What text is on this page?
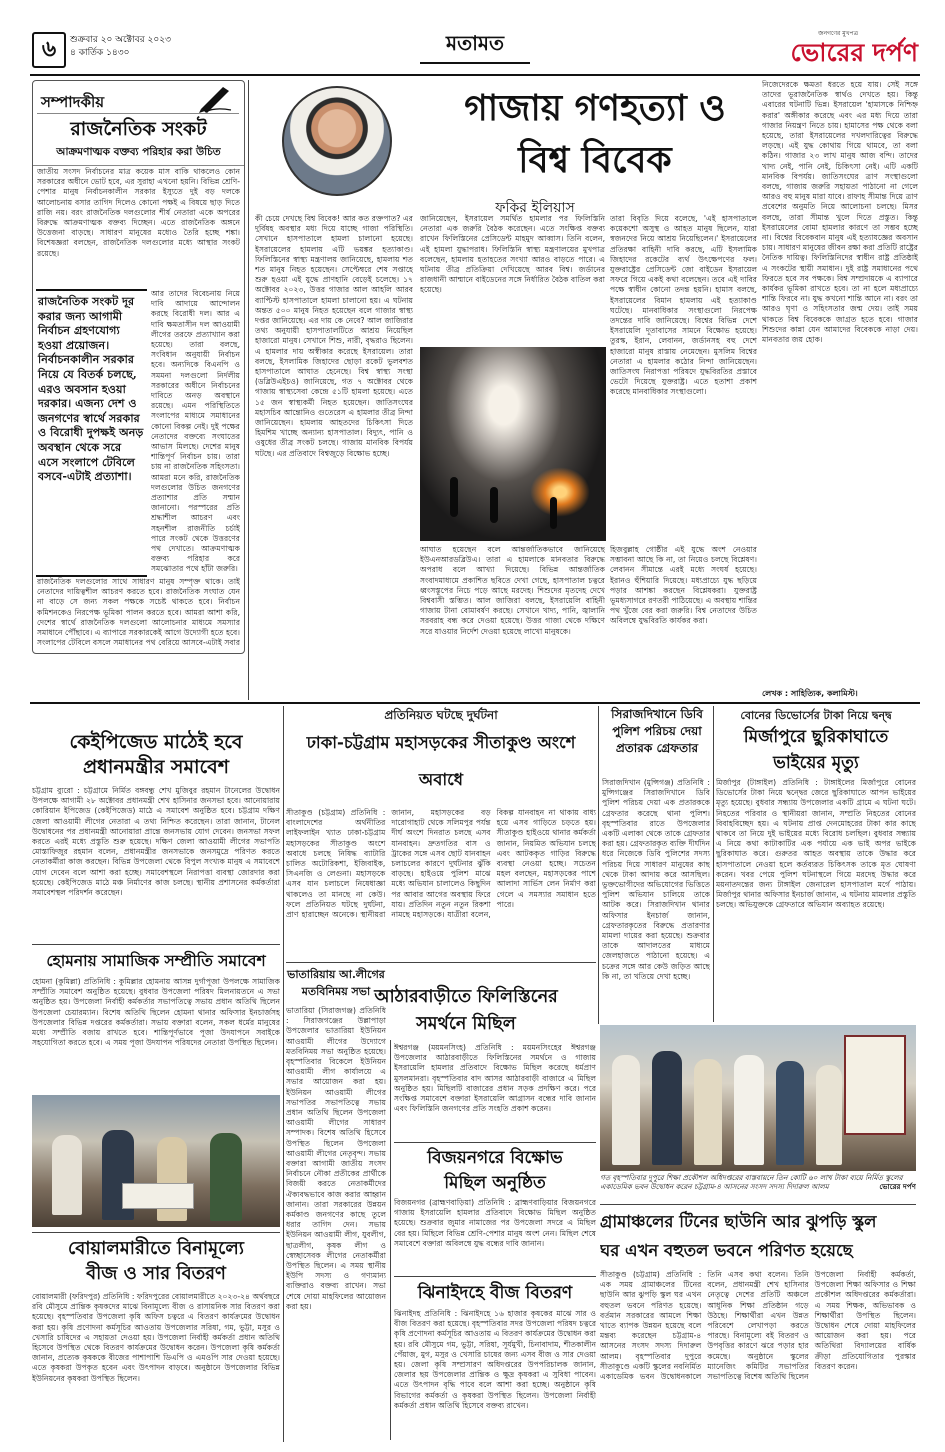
৬ শুক্রবার ২০ অক্টোবর ২০২৩
৪ কার্তিক ১৪৩০	মতামত	জনগণের মুখপত্র
ভোরের দর্পণ
সম্পাদকীয়
রাজনৈতিক সংকট
আক্রমণাত্মক বক্তব্য পরিহার করা উচিত
জাতীয় সংসদ নির্বাচনের মাত্র কয়েক মাস বাকি থাকলেও কোন সরকারের অধীনে ভোট হবে, এর সুরাহা এখনো হয়নি। বিভিন্ন শ্রেণি-পেশার মানুষ নির্বাচনকালীন সরকার ইস্যুতে দুই বড় দলকে আলোচনায় বসার তাগিদ দিলেও কোনো পক্ষই এ বিষয়ে ছাড় দিতে রাজি নয়। বরং রাজনৈতিক দলগুলোর শীর্ষ নেতারা একে অপরের বিরুদ্ধে আক্রমণাত্মক বক্তব্য দিচ্ছেন। এতে রাজনৈতিক অঙ্গনে উত্তেজনা বাড়ছে। সাধারণ মানুষের মধ্যেও তৈরি হচ্ছে শঙ্কা। বিশেষজ্ঞরা বলছেন, রাজনৈতিক দলগুলোর মধ্যে আস্থার সংকট রয়েছে।
রাজনৈতিক সংকট দূর করার জন্য আগামী নির্বাচন গ্রহণযোগ্য হওয়া প্রয়োজন। নির্বাচনকালীন সরকার নিয়ে যে বিতর্ক চলছে, এরও অবসান হওয়া দরকার। এজন্য দেশ ও জনগণের স্বার্থে সরকার ও বিরোধী দুপক্ষই অনড় অবস্থান থেকে সরে এসে সংলাপে টেবিলে বসবে-এটাই প্রত্যাশা।
আর তাদের বিবেচনায় নিয়ে দাবি আদায়ে আন্দোলন করছে বিরোধী দল। আর এ দাবি ক্ষমতাসীন দল আওয়ামী লীগের তরফে প্রত্যাখ্যান করা হয়েছে। তারা বলছে, সংবিধান অনুযায়ী নির্বাচন হবে। অন্যদিকে বিএনপি ও সমমনা দলগুলো নির্দলীয় সরকারের অধীনে নির্বাচনের দাবিতে অনড় অবস্থানে রয়েছে। এমন পরিস্থিতিতে সংলাপের মাধ্যমে সমাধানের কোনো বিকল্প নেই। দুই পক্ষের নেতাদের বক্তব্যে সংঘাতের আভাস মিলছে। দেশের মানুষ শান্তিপূর্ণ নির্বাচন চায়। তারা চায় না রাজনৈতিক সহিংসতা। আমরা মনে করি, রাজনৈতিক দলগুলোর উচিত জনগণের প্রত্যাশার প্রতি সম্মান জানানো। পরস্পরের প্রতি শ্রদ্ধাশীল আচরণ এবং সহনশীল রাজনীতি চর্চাই পারে সংকট থেকে উত্তরণের পথ দেখাতে। আক্রমণাত্মক বক্তব্য পরিহার করে সমঝোতার পথে হাঁটা জরুরি।
রাজনৈতিক দলগুলোর সাথে সাধারণ মানুষ সম্পৃক্ত থাকে। তাই নেতাদের দায়িত্বশীল আচরণ করতে হবে। রাজনৈতিক সংঘাত যেন না বাড়ে সে জন্য সকল পক্ষকে সচেষ্ট থাকতে হবে। নির্বাচন কমিশনকেও নিরপেক্ষ ভূমিকা পালন করতে হবে। আমরা আশা করি, দেশের স্বার্থে রাজনৈতিক দলগুলো আলোচনার মাধ্যমে সমস্যার সমাধানে পৌঁছাবে। এ ব্যাপারে সরকারকেই আগে উদ্যোগী হতে হবে। সংলাপের টেবিলে বসলে সমাধানের পথ বেরিয়ে আসবে-এটাই সবার
গাজায় গণহত্যা ও
বিশ্ব বিবেক
ফকির ইলিয়াস
কী চেয়ে দেখছে বিশ্ব বিবেক! আর কত রক্তপাত? এর দুর্বিষহ অবস্থার মধ্য দিয়ে যাচ্ছে গাজা পরিস্থিতি। সেখানে হাসপাতালে হামলা চালানো হয়েছে। ইসরায়েলের হামলায় এটি ভয়ঙ্কর হত্যাকাণ্ড। ফিলিস্তিনের স্বাস্থ্য মন্ত্রণালয় জানিয়েছে, হামলায় শত শত মানুষ নিহত হয়েছেন। সেপ্টেম্বরে শেষ সপ্তাহে শুরু হওয়া এই যুদ্ধে প্রাণহানি বেড়েই চলেছে। ১৭ অক্টোবর ২০২৩, উত্তর গাজার আল আহলি আরব ব্যাপ্টিস্ট হাসপাতালে হামলা চালানো হয়। এ ঘটনায় অন্তত ৫০০ মানুষ নিহত হয়েছেন বলে গাজার স্বাস্থ্য দপ্তর জানিয়েছে। এর দায় কে নেবে? আল জাজিরার তথ্য অনুযায়ী হাসপাতালটিতে আশ্রয় নিয়েছিল হাজারো মানুষ। সেখানে শিশু, নারী, বৃদ্ধরাও ছিলেন। এ হামলার দায় অস্বীকার করেছে ইসরায়েল। তারা বলছে, ইসলামিক জিহাদের ছোড়া রকেট ভুলবশত হাসপাতালে আঘাত হেনেছে। বিশ্ব স্বাস্থ্য সংস্থা (ডব্লিউএইচও) জানিয়েছে, গত ৭ অক্টোবর থেকে গাজায় স্বাস্থ্যসেবা কেন্দ্রে ৫১টি হামলা হয়েছে। এতে ১৫ জন স্বাস্থ্যকর্মী নিহত হয়েছেন। জাতিসংঘের মহাসচিব আন্তোনিও গুতেরেস এ হামলার তীব্র নিন্দা জানিয়েছেন। হামলায় আহতদের চিকিৎসা দিতে হিমশিম খাচ্ছে অন্যান্য হাসপাতাল। বিদ্যুৎ, পানি ও ওষুধের তীব্র সংকট চলছে। গাজায় মানবিক বিপর্যয় ঘটছে। এর প্রতিবাদে বিশ্বজুড়ে বিক্ষোভ হচ্ছে।
জানিয়েছেন, ইসরায়েল সমর্থিত হামলার পর ফিলিস্তিনি নেতারা এক জরুরি বৈঠক করেছেন। এতে সংক্ষিপ্ত বক্তব্য রাখেন ফিলিস্তিনের প্রেসিডেন্ট মাহমুদ আব্বাস। তিনি বলেন, এই হামলা যুদ্ধাপরাধ। ফিলিস্তিনি স্বাস্থ্য মন্ত্রণালয়ের মুখপাত্র বলেছেন, হামলায় হতাহতের সংখ্যা আরও বাড়তে পারে। এ ঘটনায় তীব্র প্রতিক্রিয়া দেখিয়েছে আরব বিশ্ব। জর্ডানের রাজধানী আম্মানে বাইডেনের সঙ্গে নির্ধারিত বৈঠক বাতিল করা হয়েছে।
আঘাত হয়েছেন বলে আন্তর্জাতিকভাবে জানিয়েছে ইউএনআরডব্লিউএ। তারা এ হামলাকে মানবতার বিরুদ্ধে অপরাধ বলে আখ্যা দিয়েছে। বিভিন্ন আন্তর্জাতিক সংবাদমাধ্যমে প্রকাশিত ছবিতে দেখা গেছে, হাসপাতাল চত্বরে ধ্বংসস্তূপের নিচে পড়ে আছে মরদেহ। শিশুদের মৃতদেহ দেখে বিশ্ববাসী স্তম্ভিত। আল জাজিরা বলছে, ইসরায়েলি বাহিনী গাজায় টানা বোমাবর্ষণ করছে। সেখানে খাদ্য, পানি, জ্বালানি সরবরাহ বন্ধ করে দেওয়া হয়েছে। উত্তর গাজা থেকে দক্ষিণে সরে যাওয়ার নির্দেশ দেওয়া হয়েছে লাখো মানুষকে।
তারা বিবৃতি দিয়ে বলেছে, 'এই হাসপাতালে কয়েকশো অসুস্থ ও আহত মানুষ ছিলেন, যারা স্বজনদের নিয়ে আশ্রয় নিয়েছিলেন।' ইসরায়েলের প্রতিরক্ষা বাহিনী দাবি করছে, এটি ইসলামিক জিহাদের রকেটের ব্যর্থ উৎক্ষেপণের ফল। যুক্তরাষ্ট্রের প্রেসিডেন্ট জো বাইডেন ইসরায়েল সফরে গিয়ে একই কথা বলেছেন। তবে এই দাবির পক্ষে স্বাধীন কোনো তদন্ত হয়নি। হামাস বলছে, ইসরায়েলের বিমান হামলায় এই হত্যাকাণ্ড ঘটেছে। মানবাধিকার সংস্থাগুলো নিরপেক্ষ তদন্তের দাবি জানিয়েছে। বিশ্বের বিভিন্ন দেশে ইসরায়েলি দূতাবাসের সামনে বিক্ষোভ হয়েছে। তুরস্ক, ইরান, লেবানন, জর্ডানসহ বহু দেশে হাজারো মানুষ রাস্তায় নেমেছেন। মুসলিম বিশ্বের নেতারা এ হামলার কঠোর নিন্দা জানিয়েছেন। জাতিসংঘ নিরাপত্তা পরিষদে যুদ্ধবিরতির প্রস্তাবে ভেটো দিয়েছে যুক্তরাষ্ট্র। এতে হতাশা প্রকাশ করেছে মানবাধিকার সংস্থাগুলো।
হিজবুল্লাহ গোষ্ঠীর এই যুদ্ধে অংশ নেওয়ার সম্ভাবনা আছে কি না, তা নিয়েও চলছে বিশ্লেষণ। লেবানন সীমান্তে এরই মধ্যে সংঘর্ষ হয়েছে। ইরানও হুঁশিয়ারি দিয়েছে। মধ্যপ্রাচ্যে যুদ্ধ ছড়িয়ে পড়ার আশঙ্কা করছেন বিশ্লেষকরা। যুক্তরাষ্ট্র ভূমধ্যসাগরে রণতরী পাঠিয়েছে। এ অবস্থায় শান্তির পথ খুঁজে বের করা জরুরি। বিশ্ব নেতাদের উচিত অবিলম্বে যুদ্ধবিরতি কার্যকর করা।
নিজেদেরকে ক্ষমতা ধরতে হয়ে যায়। সেই সঙ্গে তাদের ভূরাজনৈতিক স্বার্থও দেখতে হয়। কিন্তু এবারের ঘটনাটি ভিন্ন। ইসরায়েল 'হামাসকে নিশ্চিহ্ন করার' অঙ্গীকার করেছে এবং এর মধ্য দিয়ে তারা গাজার নিয়ন্ত্রণ নিতে চায়। হামাসের পক্ষ থেকে বলা হয়েছে, তারা ইসরায়েলের দখলদারিত্বের বিরুদ্ধে লড়ছে। এই যুদ্ধ কোথায় গিয়ে থামবে, তা বলা কঠিন। গাজার ২৩ লাখ মানুষ আজ বন্দি। তাদের খাদ্য নেই, পানি নেই, চিকিৎসা নেই। এটি একটি মানবিক বিপর্যয়। জাতিসংঘের ত্রাণ সংস্থাগুলো বলছে, গাজায় জরুরি সহায়তা পাঠানো না গেলে আরও বহু মানুষ মারা যাবে। রাফাহ সীমান্ত দিয়ে ত্রাণ প্রবেশের অনুমতি নিয়ে আলোচনা চলছে। মিসর বলছে, তারা সীমান্ত খুলে দিতে প্রস্তুত। কিন্তু ইসরায়েলের বোমা হামলার কারণে তা সম্ভব হচ্ছে না। বিশ্বের বিবেকবান মানুষ এই হত্যাযজ্ঞের অবসান চায়। সাধারণ মানুষের জীবন রক্ষা করা প্রতিটি রাষ্ট্রের নৈতিক দায়িত্ব। ফিলিস্তিনিদের স্বাধীন রাষ্ট্র প্রতিষ্ঠাই এ সংকটের স্থায়ী সমাধান। দুই রাষ্ট্র সমাধানের পথে ফিরতে হবে সব পক্ষকে। বিশ্ব সম্প্রদায়কে এ ব্যাপারে কার্যকর ভূমিকা রাখতে হবে। তা না হলে মধ্যপ্রাচ্যে শান্তি ফিরবে না। যুদ্ধ কখনো শান্তি আনে না। বরং তা আরও ঘৃণা ও সহিংসতার জন্ম দেয়। তাই সময় থাকতে বিশ্ব বিবেককে জাগ্রত হতে হবে। গাজার শিশুদের কান্না যেন আমাদের বিবেককে নাড়া দেয়। মানবতার জয় হোক।
লেখক : সাহিত্যিক, কলামিস্ট।
কেইপিজেড মাঠেই হবে
প্রধানমন্ত্রীর সমাবেশ
চট্টগ্রাম ব্যুরো : চট্টগ্রামে নির্মিত বঙ্গবন্ধু শেখ মুজিবুর রহমান টানেলের উদ্বোধন উপলক্ষে আগামী ২৮ অক্টোবর প্রধানমন্ত্রী শেখ হাসিনার জনসভা হবে। আনোয়ারায় কোরিয়ান ইপিজেড (কেইপিজেড) মাঠে এ সমাবেশ অনুষ্ঠিত হবে। চট্টগ্রাম দক্ষিণ জেলা আওয়ামী লীগের নেতারা এ তথ্য নিশ্চিত করেছেন। তারা জানান, টানেল উদ্বোধনের পর প্রধানমন্ত্রী আনোয়ারা প্রান্তে জনসভায় যোগ দেবেন। জনসভা সফল করতে এরই মধ্যে প্রস্তুতি শুরু হয়েছে। দক্ষিণ জেলা আওয়ামী লীগের সভাপতি মোস্তাফিজুর রহমান বলেন, প্রধানমন্ত্রীর জনসভাকে জনসমুদ্রে পরিণত করতে নেতাকর্মীরা কাজ করছেন। বিভিন্ন উপজেলা থেকে বিপুল সংখ্যক মানুষ এ সমাবেশে যোগ দেবেন বলে আশা করা হচ্ছে। সমাবেশস্থলে নিরাপত্তা ব্যবস্থা জোরদার করা হয়েছে। কেইপিজেড মাঠে মঞ্চ নির্মাণের কাজ চলছে। স্থানীয় প্রশাসনের কর্মকর্তারা সমাবেশস্থল পরিদর্শন করেছেন।
হোমনায় সামাজিক সম্প্রীতি সমাবেশ
হোমনা (কুমিল্লা) প্রতিনিধি : কুমিল্লার হোমনায় আসন্ন দুর্গাপূজা উপলক্ষে সামাজিক সম্প্রীতি সমাবেশ অনুষ্ঠিত হয়েছে। বুধবার উপজেলা পরিষদ মিলনায়তনে এ সভা অনুষ্ঠিত হয়। উপজেলা নির্বাহী কর্মকর্তার সভাপতিত্বে সভায় প্রধান অতিথি ছিলেন উপজেলা চেয়ারম্যান। বিশেষ অতিথি ছিলেন হোমনা থানার অফিসার ইনচার্জসহ উপজেলার বিভিন্ন দপ্তরের কর্মকর্তারা। সভায় বক্তারা বলেন, সকল ধর্মের মানুষের মধ্যে সম্প্রীতি বজায় রাখতে হবে। শান্তিপূর্ণভাবে পূজা উদযাপনে সবাইকে সহযোগিতা করতে হবে। এ সময় পূজা উদযাপন পরিষদের নেতারা উপস্থিত ছিলেন।
বোয়ালমারীতে বিনামূল্যে
বীজ ও সার বিতরণ
বোয়ালমারী (ফরিদপুর) প্রতিনিধি : ফরিদপুরের বোয়ালমারীতে ২০২৩-২৪ অর্থবছরে রবি মৌসুমে প্রান্তিক কৃষকদের মাঝে বিনামূল্যে বীজ ও রাসায়নিক সার বিতরণ করা হয়েছে। বৃহস্পতিবার উপজেলা কৃষি অফিস চত্বরে এ বিতরণ কার্যক্রমের উদ্বোধন করা হয়। কৃষি প্রণোদনা কর্মসূচির আওতায় উপজেলার সরিষা, গম, ভুট্টা, মসুর ও খেসারি চাষিদের এ সহায়তা দেওয়া হয়। উপজেলা নির্বাহী কর্মকর্তা প্রধান অতিথি হিসেবে উপস্থিত থেকে বিতরণ কার্যক্রমের উদ্বোধন করেন। উপজেলা কৃষি কর্মকর্তা জানান, প্রত্যেক কৃষককে বীজের পাশাপাশি ডিএপি ও এমওপি সার দেওয়া হয়েছে। এতে কৃষকরা উপকৃত হবেন এবং উৎপাদন বাড়বে। অনুষ্ঠানে উপজেলার বিভিন্ন ইউনিয়নের কৃষকরা উপস্থিত ছিলেন।
প্রতিনিয়ত ঘটছে দুর্ঘটনা
ঢাকা-চট্টগ্রাম মহাসড়কের সীতাকুণ্ড অংশে অবাধে
সীতাকুণ্ড (চট্টগ্রাম) প্রতিনিধি : বাংলাদেশের অর্থনীতির লাইফলাইন খ্যাত ঢাকা-চট্টগ্রাম মহাসড়কের সীতাকুণ্ড অংশে অবাধে চলছে নিষিদ্ধ ব্যাটারি চালিত অটোরিকশা, ইজিবাইক, সিএনজি ও লেগুনা। মহাসড়কে এসব যান চলাচলে নিষেধাজ্ঞা থাকলেও তা মানছে না কেউ। ফলে প্রতিনিয়ত ঘটছে দুর্ঘটনা, প্রাণ হারাচ্ছেন অনেকে। স্থানীয়রা জানান, মহাসড়কের বড় দারোগাহাট থেকে সলিমপুর পর্যন্ত দীর্ঘ অংশে দিনরাত চলছে এসব যানবাহন। দ্রুতগতির বাস ও ট্রাকের সঙ্গে এসব ছোট যানবাহন চলাচলের কারণে দুর্ঘটনার ঝুঁকি বাড়ছে। হাইওয়ে পুলিশ মাঝে মধ্যে অভিযান চালালেও কিছুদিন পর আবার আগের অবস্থায় ফিরে যায়। প্রতিদিন নতুন নতুন রিকশা নামছে মহাসড়কে। যাত্রীরা বলেন, বিকল্প যানবাহন না থাকায় বাধ্য হয়ে এসব গাড়িতে চড়তে হয়। সীতাকুণ্ড হাইওয়ে থানার কর্মকর্তা জানান, নিয়মিত অভিযান চলছে এবং আটককৃত গাড়ির বিরুদ্ধে ব্যবস্থা নেওয়া হচ্ছে। সচেতন মহল বলছেন, মহাসড়কের পাশে আলাদা সার্ভিস লেন নির্মাণ করা গেলে এ সমস্যার সমাধান হতে পারে।
ভাতারিয়ায় আ.লীগের মতবিনিময় সভা
ভাতারিয়া (সিরাজগঞ্জ) প্রতিনিধি : সিরাজগঞ্জের উল্লাপাড়া উপজেলার ভাতারিয়া ইউনিয়ন আওয়ামী লীগের উদ্যোগে মতবিনিময় সভা অনুষ্ঠিত হয়েছে। বৃহস্পতিবার বিকেলে ইউনিয়ন আওয়ামী লীগ কার্যালয়ে এ সভার আয়োজন করা হয়। ইউনিয়ন আওয়ামী লীগের সভাপতির সভাপতিত্বে সভায় প্রধান অতিথি ছিলেন উপজেলা আওয়ামী লীগের সাধারণ সম্পাদক। বিশেষ অতিথি হিসেবে উপস্থিত ছিলেন উপজেলা আওয়ামী লীগের নেতৃবৃন্দ। সভায় বক্তারা আগামী জাতীয় সংসদ নির্বাচনে নৌকা প্রতীকের প্রার্থীকে বিজয়ী করতে নেতাকর্মীদের ঐক্যবদ্ধভাবে কাজ করার আহ্বান জানান। তারা সরকারের উন্নয়ন কর্মকাণ্ড জনগণের কাছে তুলে ধরার তাগিদ দেন। সভায় ইউনিয়ন আওয়ামী লীগ, যুবলীগ, ছাত্রলীগ, কৃষক লীগ ও স্বেচ্ছাসেবক লীগের নেতাকর্মীরা উপস্থিত ছিলেন। এ সময় স্থানীয় ইউপি সদস্য ও গণ্যমান্য ব্যক্তিরাও বক্তব্য রাখেন। সভা শেষে দোয়া মাহফিলের আয়োজন করা হয়।
আঠারবাড়ীতে ফিলিস্তিনের
সমর্থনে মিছিল
ঈশ্বরগঞ্জ (ময়মনসিংহ) প্রতিনিধি : ময়মনসিংহের ঈশ্বরগঞ্জ উপজেলার আঠারবাড়ীতে ফিলিস্তিনের সমর্থনে ও গাজায় ইসরায়েলি হামলার প্রতিবাদে বিক্ষোভ মিছিল করেছে ধর্মপ্রাণ মুসলমানরা। বৃহস্পতিবার বাদ আসর আঠারবাড়ী বাজারে এ মিছিল অনুষ্ঠিত হয়। মিছিলটি বাজারের প্রধান সড়ক প্রদক্ষিণ করে। পরে সংক্ষিপ্ত সমাবেশে বক্তারা ইসরায়েলি আগ্রাসন বন্ধের দাবি জানান এবং ফিলিস্তিনি জনগণের প্রতি সংহতি প্রকাশ করেন।
বিজয়নগরে বিক্ষোভ
মিছিল অনুষ্ঠিত
বিজয়নগর (ব্রাহ্মণবাড়িয়া) প্রতিনিধি : ব্রাহ্মণবাড়িয়ার বিজয়নগরে গাজায় ইসরায়েলি হামলার প্রতিবাদে বিক্ষোভ মিছিল অনুষ্ঠিত হয়েছে। শুক্রবার জুমার নামাজের পর উপজেলা সদরে এ মিছিল বের হয়। মিছিলে বিভিন্ন শ্রেণি-পেশার মানুষ অংশ নেন। মিছিল শেষে সমাবেশে বক্তারা অবিলম্বে যুদ্ধ বন্ধের দাবি জানান।
ঝিনাইদহে বীজ বিতরণ
ঝিনাইদহ প্রতিনিধি : ঝিনাইদহে ১৬ হাজার কৃষকের মাঝে সার ও বীজ বিতরণ করা হয়েছে। বৃহস্পতিবার সদর উপজেলা পরিষদ চত্বরে কৃষি প্রণোদনা কর্মসূচির আওতায় এ বিতরণ কার্যক্রমের উদ্বোধন করা হয়। রবি মৌসুমে গম, ভুট্টা, সরিষা, সূর্যমুখী, চিনাবাদাম, শীতকালীন পেঁয়াজ, মুগ, মসুর ও খেসারি চাষের জন্য এসব বীজ ও সার দেওয়া হয়। জেলা কৃষি সম্প্রসারণ অধিদপ্তরের উপপরিচালক জানান, জেলার ছয় উপজেলার প্রান্তিক ও ক্ষুদ্র কৃষকরা এ সুবিধা পাবেন। এতে উৎপাদন বৃদ্ধি পাবে বলে আশা করা হচ্ছে। অনুষ্ঠানে কৃষি বিভাগের কর্মকর্তা ও কৃষকরা উপস্থিত ছিলেন। উপজেলা নির্বাহী কর্মকর্তা প্রধান অতিথি হিসেবে বক্তব্য রাখেন।
সিরাজদিখানে ডিবি পুলিশ পরিচয় দেয়া প্রতারক গ্রেফতার
সিরাজদিখান (মুন্সিগঞ্জ) প্রতিনিধি : মুন্সিগঞ্জের সিরাজদিখানে ডিবি পুলিশ পরিচয় দেয়া এক প্রতারককে গ্রেফতার করেছে থানা পুলিশ। বৃহস্পতিবার রাতে উপজেলার একটি এলাকা থেকে তাকে গ্রেফতার করা হয়। গ্রেফতারকৃত ব্যক্তি দীর্ঘদিন ধরে নিজেকে ডিবি পুলিশের সদস্য পরিচয় দিয়ে সাধারণ মানুষের কাছ থেকে টাকা আদায় করে আসছিল। ভুক্তভোগীদের অভিযোগের ভিত্তিতে পুলিশ অভিযান চালিয়ে তাকে আটক করে। সিরাজদিখান থানার অফিসার ইনচার্জ জানান, গ্রেফতারকৃতের বিরুদ্ধে প্রতারণার মামলা দায়ের করা হয়েছে। শুক্রবার তাকে আদালতের মাধ্যমে জেলহাজতে পাঠানো হয়েছে। এ চক্রের সঙ্গে আর কেউ জড়িত আছে কি না, তা খতিয়ে দেখা হচ্ছে।
বোনের ডিভোর্সের টাকা নিয়ে দ্বন্দ্ব
মির্জাপুরে ছুরিকাঘাতে ভাইয়ের মৃত্যু
মির্জাপুর (টাঙ্গাইল) প্রতিনিধি : টাঙ্গাইলের মির্জাপুরে বোনের ডিভোর্সের টাকা নিয়ে দ্বন্দ্বের জেরে ছুরিকাঘাতে আপন ভাইয়ের মৃত্যু হয়েছে। বুধবার সন্ধ্যায় উপজেলার একটি গ্রামে এ ঘটনা ঘটে। নিহতের পরিবার ও স্থানীয়রা জানান, সম্প্রতি নিহতের বোনের বিবাহবিচ্ছেদ হয়। এ ঘটনায় প্রাপ্ত দেনমোহরের টাকা কার কাছে থাকবে তা নিয়ে দুই ভাইয়ের মধ্যে বিরোধ চলছিল। বুধবার সন্ধ্যায় এ নিয়ে কথা কাটাকাটির এক পর্যায়ে এক ভাই অপর ভাইকে ছুরিকাঘাত করে। গুরুতর আহত অবস্থায় তাকে উদ্ধার করে হাসপাতালে নেওয়া হলে কর্তব্যরত চিকিৎসক তাকে মৃত ঘোষণা করেন। খবর পেয়ে পুলিশ ঘটনাস্থলে গিয়ে মরদেহ উদ্ধার করে ময়নাতদন্তের জন্য টাঙ্গাইল জেনারেল হাসপাতাল মর্গে পাঠায়। মির্জাপুর থানার অফিসার ইনচার্জ জানান, এ ঘটনায় মামলার প্রস্তুতি চলছে। অভিযুক্তকে গ্রেফতারে অভিযান অব্যাহত রয়েছে।
গত বৃহস্পতিবার দুপুরে শিক্ষা প্রকৌশল অধিদপ্তরের বাস্তবায়নে তিন কোটি ৬০ লাখ টাকা ব্যয়ে নির্মিত স্কুলের একাডেমিক ভবন উদ্বোধন করেন চট্টগ্রাম-৪ আসনের সংসদ সদস্য দিদারুল আলম	ভোরের দর্পণ
গ্রামাঞ্চলের টিনের ছাউনি আর ঝুপড়ি স্কুল
ঘর এখন বহুতল ভবনে পরিণত হয়েছে
সীতাকুণ্ড (চট্টগ্রাম) প্রতিনিধি : এক সময় গ্রামাঞ্চলের টিনের ছাউনি আর ঝুপড়ি স্কুল ঘর এখন বহুতল ভবনে পরিণত হয়েছে। বর্তমান সরকারের আমলে শিক্ষা খাতে ব্যাপক উন্নয়ন হয়েছে বলে মন্তব্য করেছেন চট্টগ্রাম-৪ আসনের সংসদ সদস্য দিদারুল আলম। বৃহস্পতিবার দুপুরে সীতাকুণ্ডে একটি স্কুলের নবনির্মিত একাডেমিক ভবন উদ্বোধনকালে তিনি এসব কথা বলেন। তিনি বলেন, প্রধানমন্ত্রী শেখ হাসিনার নেতৃত্বে দেশের প্রতিটি অঞ্চলে আধুনিক শিক্ষা প্রতিষ্ঠান গড়ে উঠছে। শিক্ষার্থীরা এখন উন্নত পরিবেশে লেখাপড়া করতে পারছে। বিনামূল্যে বই বিতরণ ও উপবৃত্তির কারণে ঝরে পড়ার হার কমেছে। অনুষ্ঠানে স্কুলের ম্যানেজিং কমিটির সভাপতির সভাপতিত্বে বিশেষ অতিথি ছিলেন উপজেলা নির্বাহী কর্মকর্তা, উপজেলা শিক্ষা অফিসার ও শিক্ষা প্রকৌশল অধিদপ্তরের কর্মকর্তারা। এ সময় শিক্ষক, অভিভাবক ও শিক্ষার্থীরা উপস্থিত ছিলেন। উদ্বোধন শেষে দোয়া মাহফিলের আয়োজন করা হয়। পরে অতিথিরা বিদ্যালয়ের বার্ষিক ক্রীড়া প্রতিযোগিতার পুরস্কার বিতরণ করেন।
